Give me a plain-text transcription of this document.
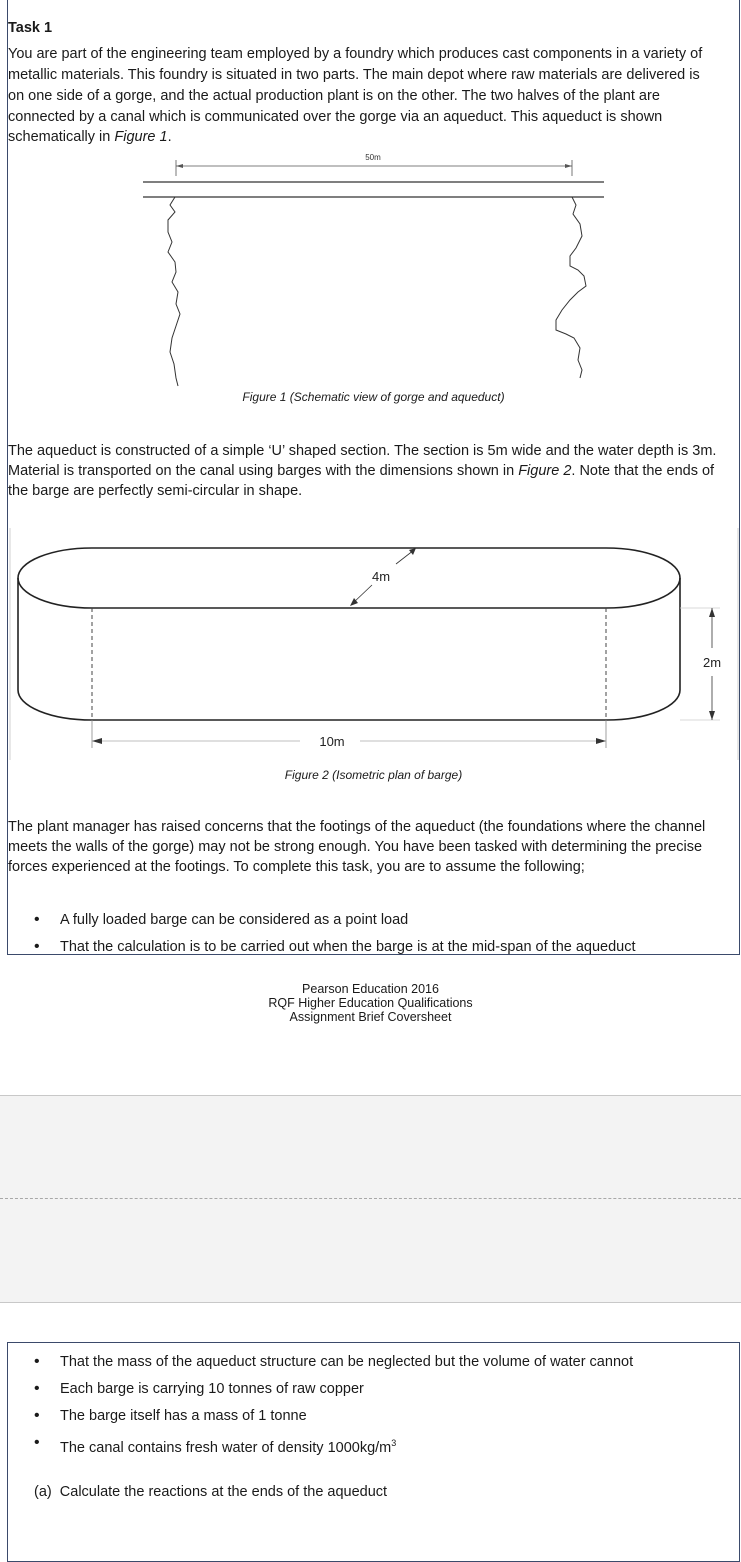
Task 1
You are part of the engineering team employed by a foundry which produces cast components in a variety of
metallic materials. This foundry is situated in two parts. The main depot where raw materials are delivered is
on one side of a gorge, and the actual production plant is on the other. The two halves of the plant are
connected by a canal which is communicated over the gorge via an aqueduct. This aqueduct is shown
schematically in Figure 1.
50m
Figure 1 (Schematic view of gorge and aqueduct)
The aqueduct is constructed of a simple ‘U’ shaped section. The section is 5m wide and the water depth is 3m.
Material is transported on the canal using barges with the dimensions shown in Figure 2. Note that the ends of
the barge are perfectly semi-circular in shape.
4m
2m
10m
Figure 2 (Isometric plan of barge)
The plant manager has raised concerns that the footings of the aqueduct (the foundations where the channel
meets the walls of the gorge) may not be strong enough. You have been tasked with determining the precise
forces experienced at the footings. To complete this task, you are to assume the following;
• A fully loaded barge can be considered as a point load
• That the calculation is to be carried out when the barge is at the mid-span of the aqueduct
Pearson Education 2016
RQF Higher Education Qualifications
Assignment Brief Coversheet
• That the mass of the aqueduct structure can be neglected but the volume of water cannot
• Each barge is carrying 10 tonnes of raw copper
• The barge itself has a mass of 1 tonne
• The canal contains fresh water of density $1000kg/m^3$
(a) Calculate the reactions at the ends of the aqueduct
